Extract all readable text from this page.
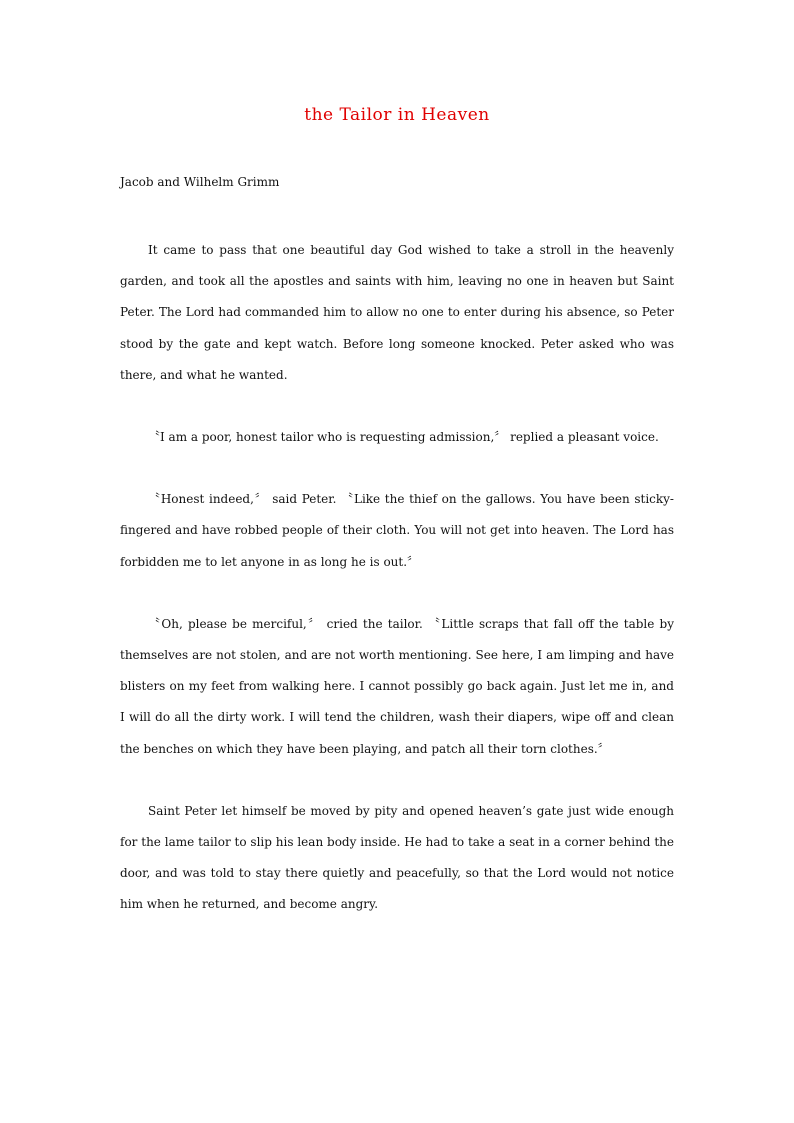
the Tailor in Heaven

Jacob and Wilhelm Grimm

It came to pass that one beautiful day God wished to take a stroll in the heavenly garden, and took all the apostles and saints with him, leaving no one in heaven but Saint Peter. The Lord had commanded him to allow no one to enter during his absence, so Peter stood by the gate and kept watch. Before long someone knocked. Peter asked who was there, and what he wanted.

〝I am a poor, honest tailor who is requesting admission,〞 replied a pleasant voice.

〝Honest indeed,〞 said Peter. 〝Like the thief on the gallows. You have been sticky-fingered and have robbed people of their cloth. You will not get into heaven. The Lord has forbidden me to let anyone in as long he is out.〞

〝Oh, please be merciful,〞 cried the tailor. 〝Little scraps that fall off the table by themselves are not stolen, and are not worth mentioning. See here, I am limping and have blisters on my feet from walking here. I cannot possibly go back again. Just let me in, and I will do all the dirty work. I will tend the children, wash their diapers, wipe off and clean the benches on which they have been playing, and patch all their torn clothes.〞

Saint Peter let himself be moved by pity and opened heaven’s gate just wide enough for the lame tailor to slip his lean body inside. He had to take a seat in a corner behind the door, and was told to stay there quietly and peacefully, so that the Lord would not notice him when he returned, and become angry.
